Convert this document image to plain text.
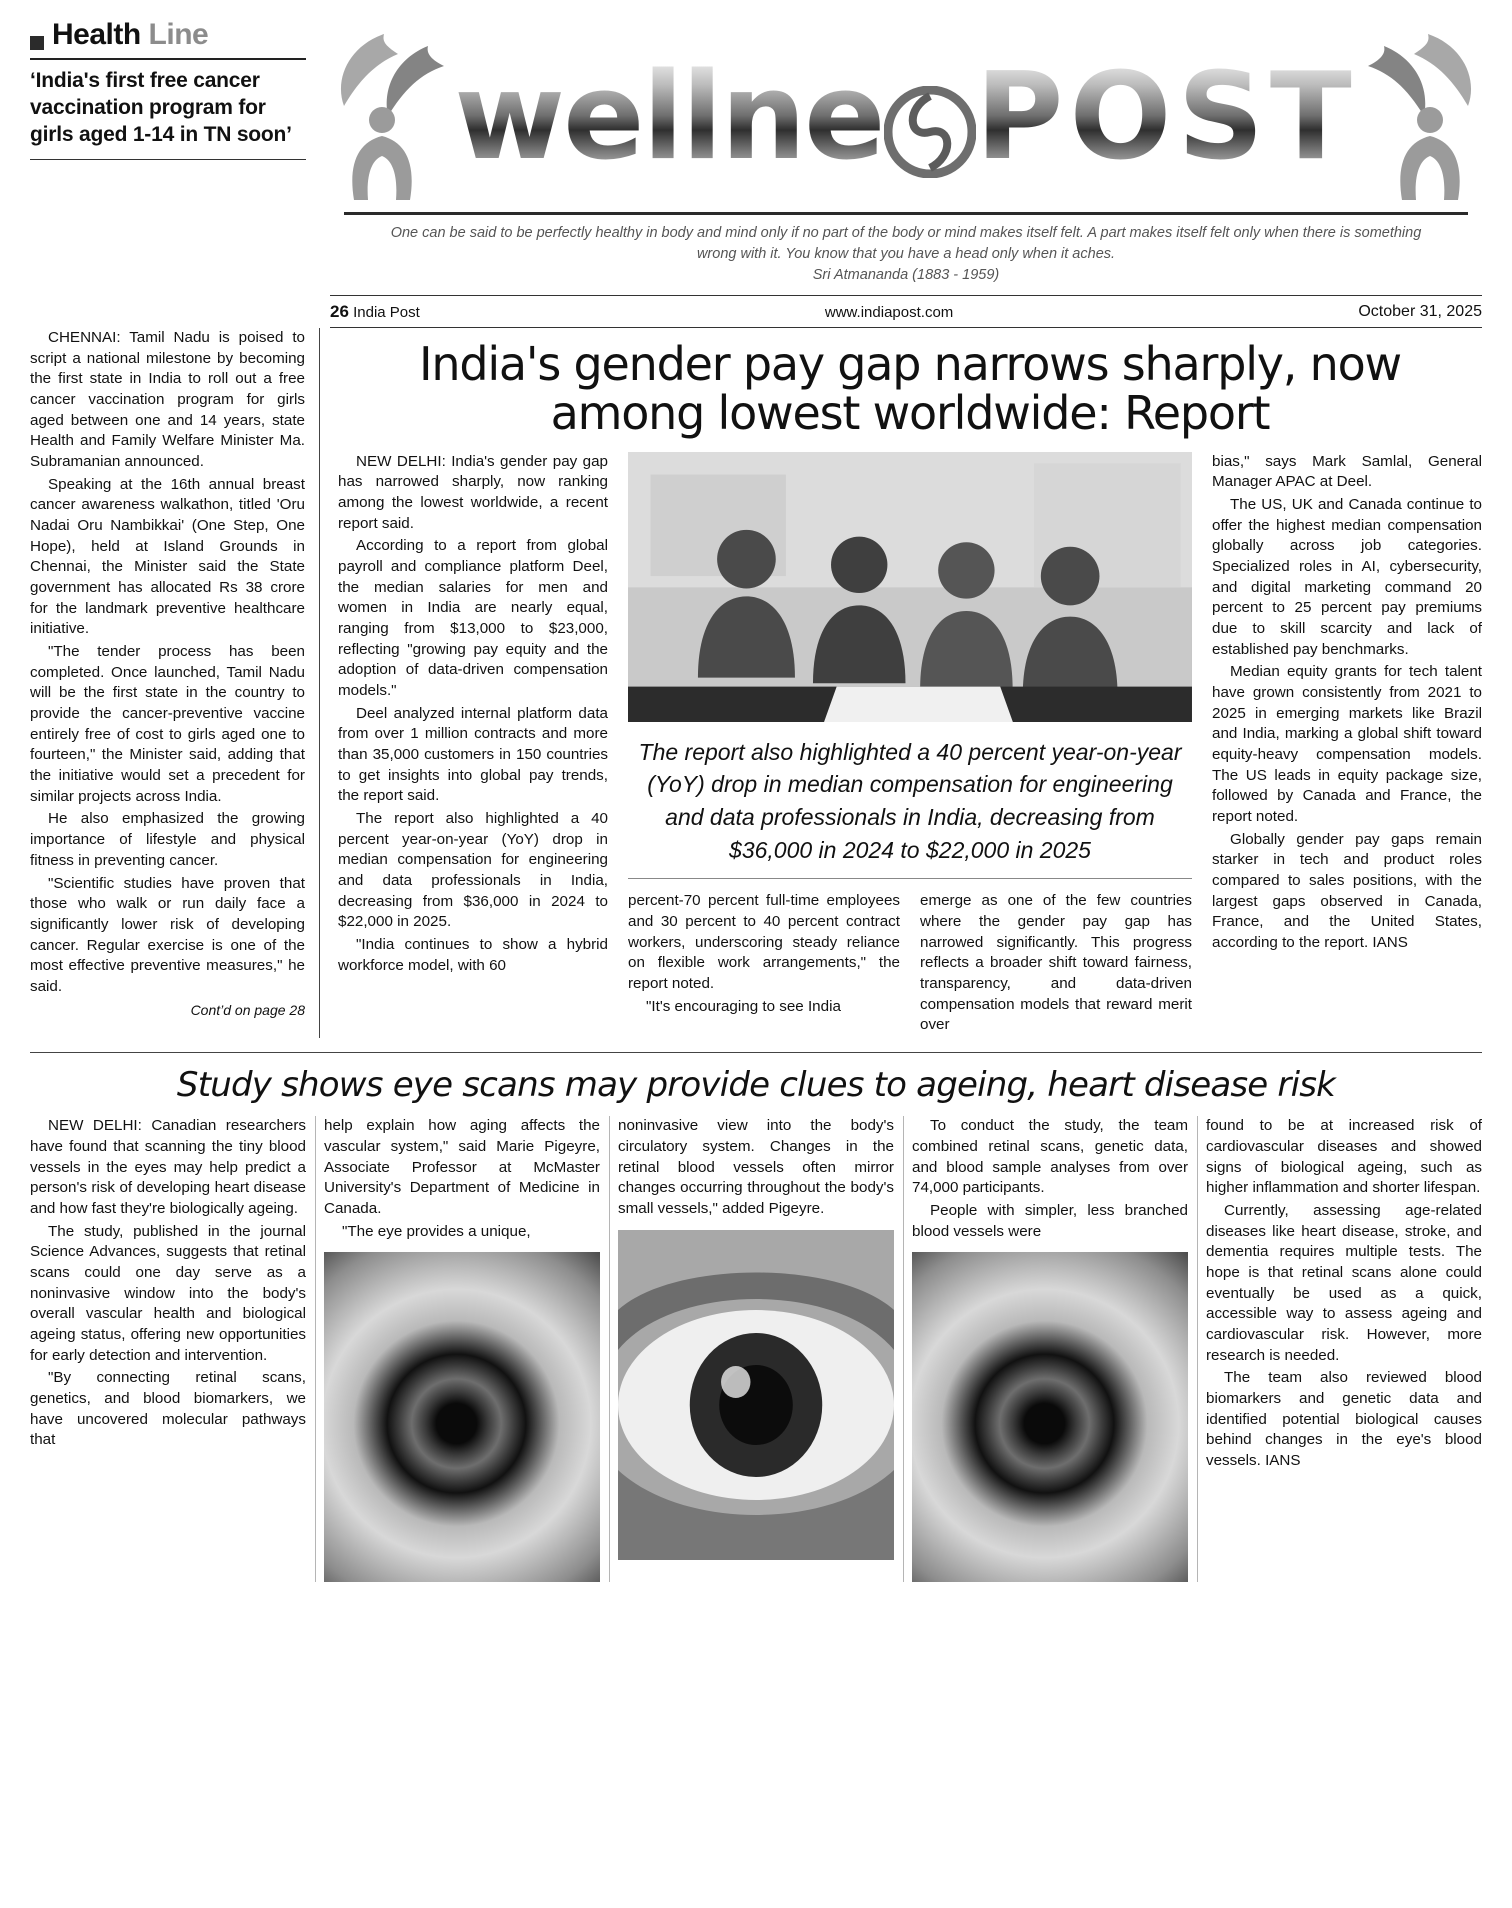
Health Line
‘India's first free cancer vaccination program for girls aged 1-14 in TN soon’ wellne POST
One can be said to be perfectly healthy in body and mind only if no part of the body or mind makes itself felt. A part makes itself felt only when there is something wrong with it. You know that you have a head only when it aches.
Sri Atmananda (1883 - 1959)
26 India Post	www.indiapost.com	October 31, 2025

CHENNAI: Tamil Nadu is poised to script a national milestone by becoming the first state in India to roll out a free cancer vaccination program for girls aged between one and 14 years, state Health and Family Welfare Minister Ma. Subramanian announced.

Speaking at the 16th annual breast cancer awareness walkathon, titled 'Oru Nadai Oru Nambikkai' (One Step, One Hope), held at Island Grounds in Chennai, the Minister said the State government has allocated Rs 38 crore for the landmark preventive healthcare initiative.

"The tender process has been completed. Once launched, Tamil Nadu will be the first state in the country to provide the cancer-preventive vaccine entirely free of cost to girls aged one to fourteen," the Minister said, adding that the initiative would set a precedent for similar projects across India.

He also emphasized the growing importance of lifestyle and physical fitness in preventing cancer.

"Scientific studies have proven that those who walk or run daily face a significantly lower risk of developing cancer. Regular exercise is one of the most effective preventive measures," he said.

Cont’d on page 28
India's gender pay gap narrows sharply, now among lowest worldwide: Report

NEW DELHI: India's gender pay gap has narrowed sharply, now ranking among the lowest worldwide, a recent report said.

According to a report from global payroll and compliance platform Deel, the median salaries for men and women in India are nearly equal, ranging from $13,000 to $23,000, reflecting "growing pay equity and the adoption of data-driven compensation models."

Deel analyzed internal platform data from over 1 million contracts and more than 35,000 customers in 150 countries to get insights into global pay trends, the report said.

The report also highlighted a 40 percent year-on-year (YoY) drop in median compensation for engineering and data professionals in India, decreasing from $36,000 in 2024 to $22,000 in 2025.

"India continues to show a hybrid workforce model, with 60

The report also highlighted a 40 percent year-on-year (YoY) drop in median compensation for engineering and data professionals in India, decreasing from $36,000 in 2024 to $22,000 in 2025

percent-70 percent full-time employees and 30 percent to 40 percent contract workers, underscoring steady reliance on flexible work arrangements," the report noted.

"It's encouraging to see India

emerge as one of the few countries where the gender pay gap has narrowed significantly. This progress reflects a broader shift toward fairness, transparency, and data-driven compensation models that reward merit over

bias," says Mark Samlal, General Manager APAC at Deel.

The US, UK and Canada continue to offer the highest median compensation globally across job categories. Specialized roles in AI, cybersecurity, and digital marketing command 20 percent to 25 percent pay premiums due to skill scarcity and lack of established pay benchmarks.

Median equity grants for tech talent have grown consistently from 2021 to 2025 in emerging markets like Brazil and India, marking a global shift toward equity-heavy compensation models. The US leads in equity package size, followed by Canada and France, the report noted.

Globally gender pay gaps remain starker in tech and product roles compared to sales positions, with the largest gaps observed in Canada, France, and the United States, according to the report. IANS

Study shows eye scans may provide clues to ageing, heart disease risk

NEW DELHI: Canadian researchers have found that scanning the tiny blood vessels in the eyes may help predict a person's risk of developing heart disease and how fast they're biologically ageing.

The study, published in the journal Science Advances, suggests that retinal scans could one day serve as a noninvasive window into the body's overall vascular health and biological ageing status, offering new opportunities for early detection and intervention.

"By connecting retinal scans, genetics, and blood biomarkers, we have uncovered molecular pathways that

help explain how aging affects the vascular system," said Marie Pigeyre, Associate Professor at McMaster University's Department of Medicine in Canada.

"The eye provides a unique,

noninvasive view into the body's circulatory system. Changes in the retinal blood vessels often mirror changes occurring throughout the body's small vessels," added Pigeyre.

To conduct the study, the team combined retinal scans, genetic data, and blood sample analyses from over 74,000 participants.

People with simpler, less branched blood vessels were

found to be at increased risk of cardiovascular diseases and showed signs of biological ageing, such as higher inflammation and shorter lifespan.

Currently, assessing age-related diseases like heart disease, stroke, and dementia requires multiple tests. The hope is that retinal scans alone could eventually be used as a quick, accessible way to assess ageing and cardiovascular risk. However, more research is needed.

The team also reviewed blood biomarkers and genetic data and identified potential biological causes behind changes in the eye's blood vessels. IANS
